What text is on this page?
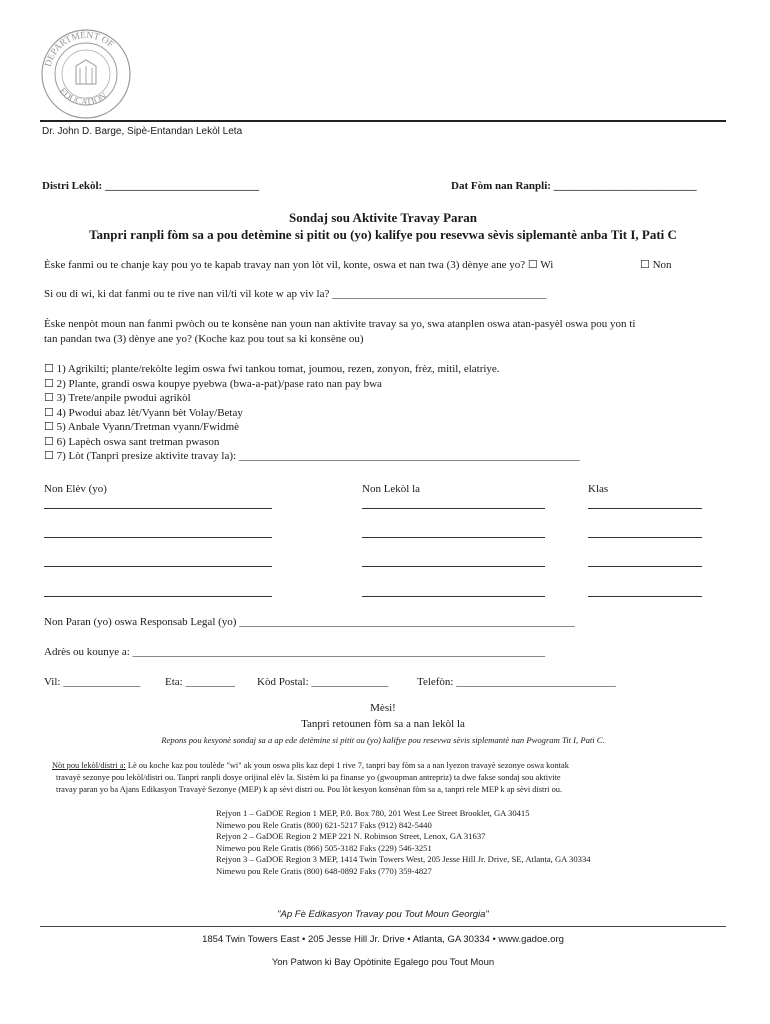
DEPARTMENT OF
EDUCATION
Dr. John D. Barge, Sipè-Entandan Lekòl Leta
Distri Lekòl: ____________________________	Dat Fòm nan Ranpli: __________________________
Sondaj sou Aktivite Travay Paran
Tanpri ranpli fòm sa a pou detèmine si pitit ou (yo) kalifye pou resevwa sèvis siplemantè anba Tit I, Pati C
Èske fanmi ou te chanje kay pou yo te kapab travay nan yon lòt vil, konte, oswa et nan twa (3) dènye ane yo? ☐ Wi	☐ Non
Si ou di wi, ki dat fanmi ou te rive nan vil/ti vil kote w ap viv la? _______________________________________
Èske nenpòt moun nan fanmi pwòch ou te konsène nan youn nan aktivite travay sa yo, swa atanplen oswa atan-pasyèl oswa pou yon ti
tan pandan twa (3) dènye ane yo? (Koche kaz pou tout sa ki konsène ou)
☐ 1) Agrikilti; plante/rekòlte legim oswa fwi tankou tomat, joumou, rezen, zonyon, frèz, mitil, elatriye.
☐ 2) Plante, grandi oswa koupye pyebwa (bwa-a-pat)/pase rato nan pay bwa
☐ 3) Trete/anpile pwodui agrikòl
☐ 4) Pwodui abaz lèt/Vyann bèt Volay/Betay
☐ 5) Anbale Vyann/Tretman vyann/Fwidmè
☐ 6) Lapèch oswa sant tretman pwason
☐ 7) Lòt (Tanpri presize aktivite travay la): ______________________________________________________________
Non Elèv (yo)	Non Lekòl la	Klas
Non Paran (yo) oswa Responsab Legal (yo) _____________________________________________________________
Adrès ou kounye a: ___________________________________________________________________________
Vil: ______________ Eta: _________ Kòd Postal: ______________	Telefòn: _____________________________
Mèsi!
Tanpri retounen fòm sa a nan lekòl la
Repons pou kesyonè sondaj sa a ap ede detèmine si pitit ou (yo) kalifye pou resevwa sèvis siplemantè nan Pwogram Tit I, Pati C.
Nòt pou lekòl/distri a: Lè ou koche kaz pou toulède "wi" ak youn oswa plis kaz depi 1 rive 7, tanpri bay fòm sa a nan lyezon travayè sezonye oswa kontak
travayè sezonye pou lekòl/distri ou. Tanpri ranpli dosye orijinal elèv la. Sistèm ki pa finanse yo (gwoupman antrepriz) ta dwe fakse sondaj sou aktivite
travay paran yo ba Ajans Edikasyon Travayè Sezonye (MEP) k ap sèvi distri ou. Pou lòt kesyon konsènan fòm sa a, tanpri rele MEP k ap sèvi distri ou.
Rejyon 1 – GaDOE Region 1 MEP, P.0. Box 780, 201 West Lee Street Brooklet, GA 30415
Nimewo pou Rele Gratis (800) 621-5217 Faks (912) 842-5440
Rejyon 2 – GaDOE Region 2 MEP 221 N. Robinson Street, Lenox, GA 31637
Nimewo pou Rele Gratis (866) 505-3182 Faks (229) 546-3251
Rejyon 3 – GaDOE Region 3 MEP, 1414 Twin Towers West, 205 Jesse Hill Jr. Drive, SE, Atlanta, GA 30334
Nimewo pou Rele Gratis (800) 648-0892 Faks (770) 359-4827
"Ap Fè Edikasyon Travay pou Tout Moun Georgia"
1854 Twin Towers East • 205 Jesse Hill Jr. Drive • Atlanta, GA 30334 • www.gadoe.org
Yon Patwon ki Bay Opòtinite Egalego pou Tout Moun
